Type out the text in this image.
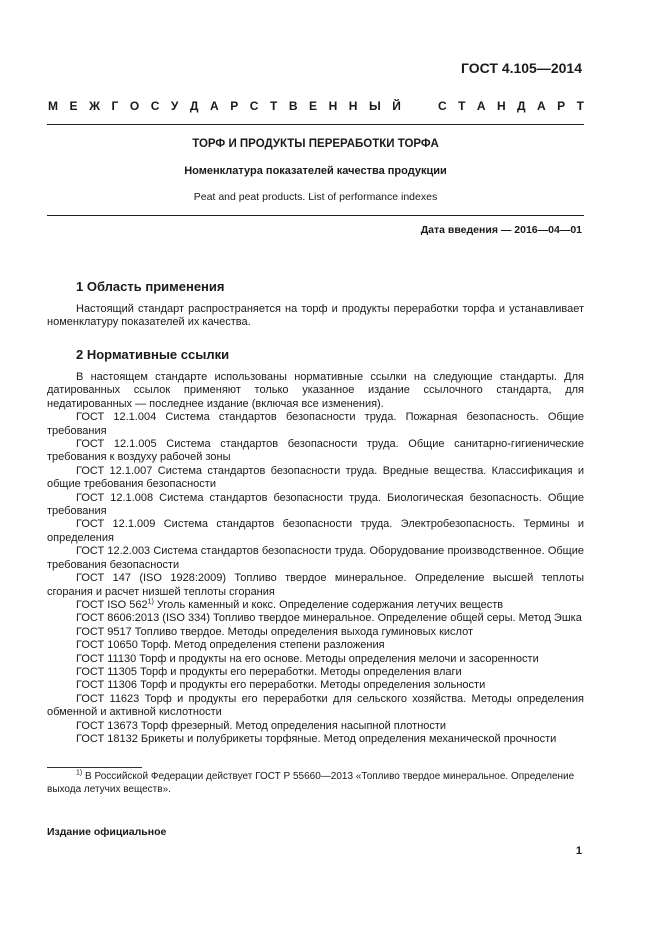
ГОСТ 4.105—2014
М Е Ж Г О С У Д А Р С Т В Е Н Н Ы Й	С Т А Н Д А Р Т
ТОРФ И ПРОДУКТЫ ПЕРЕРАБОТКИ ТОРФА
Номенклатура показателей качества продукции
Peat and peat products. List of performance indexes
Дата введения — 2016—04—01
1 Область применения
Настоящий стандарт распространяется на торф и продукты переработки торфа и устанавливает номенклатуру показателей их качества.
2 Нормативные ссылки
В настоящем стандарте использованы нормативные ссылки на следующие стандарты. Для датированных ссылок применяют только указанное издание ссылочного стандарта, для недатированных — последнее издание (включая все изменения).
ГОСТ 12.1.004 Система стандартов безопасности труда. Пожарная безопасность. Общие требования
ГОСТ 12.1.005 Система стандартов безопасности труда. Общие санитарно-гигиенические требования к воздуху рабочей зоны
ГОСТ 12.1.007 Система стандартов безопасности труда. Вредные вещества. Классификация и общие требования безопасности
ГОСТ 12.1.008 Система стандартов безопасности труда. Биологическая безопасность. Общие требования
ГОСТ 12.1.009 Система стандартов безопасности труда. Электробезопасность. Термины и определения
ГОСТ 12.2.003 Система стандартов безопасности труда. Оборудование производственное. Общие требования безопасности
ГОСТ 147 (ISO 1928:2009) Топливо твердое минеральное. Определение высшей теплоты сгорания и расчет низшей теплоты сгорания
ГОСТ ISO 562$^{1)}$ Уголь каменный и кокс. Определение содержания летучих веществ
ГОСТ 8606:2013 (ISO 334) Топливо твердое минеральное. Определение общей серы. Метод Эшка
ГОСТ 9517 Топливо твердое. Методы определения выхода гуминовых кислот
ГОСТ 10650 Торф. Метод определения степени разложения
ГОСТ 11130 Торф и продукты на его основе. Методы определения мелочи и засоренности
ГОСТ 11305 Торф и продукты его переработки. Методы определения влаги
ГОСТ 11306 Торф и продукты его переработки. Методы определения зольности
ГОСТ 11623 Торф и продукты его переработки для сельского хозяйства. Методы определения обменной и активной кислотности
ГОСТ 13673 Торф фрезерный. Метод определения насыпной плотности
ГОСТ 18132 Брикеты и полубрикеты торфяные. Метод определения механической прочности
$^{1)}$ В Российской Федерации действует ГОСТ Р 55660—2013 «Топливо твердое минеральное. Определение выхода летучих веществ».
Издание официальное
1
